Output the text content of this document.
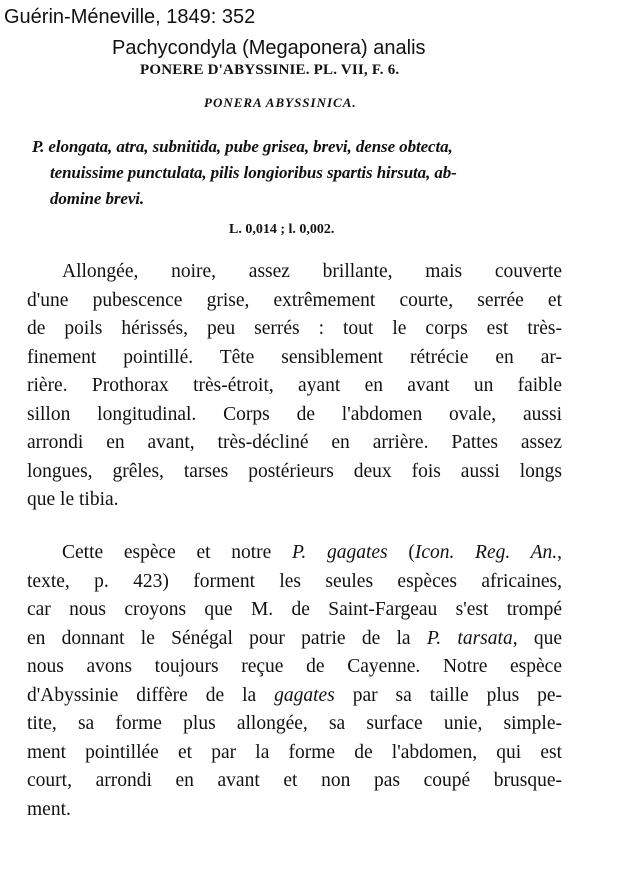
Guérin-Méneville, 1849: 352
Pachycondyla (Megaponera) analis
PONERE D'ABYSSINIE. PL. VII, F. 6.
PONERA ABYSSINICA.
P. elongata, atra, subnitida, pube grisea, brevi, dense obtecta,
tenuissime punctulata, pilis longioribus spartis hirsuta, ab-
domine brevi.
L. 0,014 ; l. 0,002.
Allongée, noire, assez brillante, mais couverte
d'une pubescence grise, extrêmement courte, serrée et
de poils hérissés, peu serrés : tout le corps est très-
finement pointillé. Tête sensiblement rétrécie en ar-
rière. Prothorax très-étroit, ayant en avant un faible
sillon longitudinal. Corps de l'abdomen ovale, aussi
arrondi en avant, très-décliné en arrière. Pattes assez
longues, grêles, tarses postérieurs deux fois aussi longs
que le tibia.
Cette espèce et notre P. gagates (Icon. Reg. An.,
texte, p. 423) forment les seules espèces africaines,
car nous croyons que M. de Saint-Fargeau s'est trompé
en donnant le Sénégal pour patrie de la P. tarsata, que
nous avons toujours reçue de Cayenne. Notre espèce
d'Abyssinie diffère de la gagates par sa taille plus pe-
tite, sa forme plus allongée, sa surface unie, simple-
ment pointillée et par la forme de l'abdomen, qui est
court, arrondi en avant et non pas coupé brusque-
ment.
